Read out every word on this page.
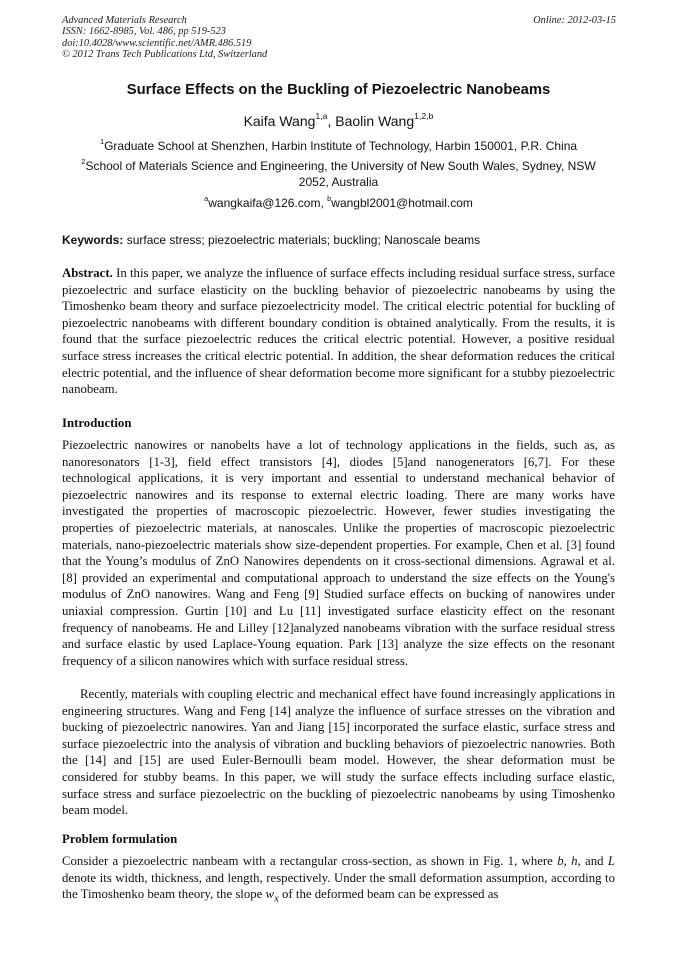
Advanced Materials Research
ISSN: 1662-8985, Vol. 486, pp 519-523
doi:10.4028/www.scientific.net/AMR.486.519
© 2012 Trans Tech Publications Ltd, Switzerland
Online: 2012-03-15
Surface Effects on the Buckling of Piezoelectric Nanobeams
Kaifa Wang$^{1,a}$, Baolin Wang$^{1,2,b}$
$^1$Graduate School at Shenzhen, Harbin Institute of Technology, Harbin 150001, P.R. China
$^2$School of Materials Science and Engineering, the University of New South Wales, Sydney, NSW 2052, Australia
$^a$wangkaifa@126.com, $^b$wangbl2001@hotmail.com
Keywords: surface stress; piezoelectric materials; buckling; Nanoscale beams
Abstract. In this paper, we analyze the influence of surface effects including residual surface stress, surface piezoelectric and surface elasticity on the buckling behavior of piezoelectric nanobeams by using the Timoshenko beam theory and surface piezoelectricity model. The critical electric potential for buckling of piezoelectric nanobeams with different boundary condition is obtained analytically. From the results, it is found that the surface piezoelectric reduces the critical electric potential. However, a positive residual surface stress increases the critical electric potential. In addition, the shear deformation reduces the critical electric potential, and the influence of shear deformation become more significant for a stubby piezoelectric nanobeam.
Introduction
Piezoelectric nanowires or nanobelts have a lot of technology applications in the fields, such as, as nanoresonators [1-3], field effect transistors [4], diodes [5]and nanogenerators [6,7]. For these technological applications, it is very important and essential to understand mechanical behavior of piezoelectric nanowires and its response to external electric loading. There are many works have investigated the properties of macroscopic piezoelectric. However, fewer studies investigating the properties of piezoelectric materials, at nanoscales. Unlike the properties of macroscopic piezoelectric materials, nano-piezoelectric materials show size-dependent properties. For example, Chen et al. [3] found that the Young’s modulus of ZnO Nanowires dependents on it cross-sectional dimensions. Agrawal et al. [8] provided an experimental and computational approach to understand the size effects on the Young's modulus of ZnO nanowires. Wang and Feng [9] Studied surface effects on bucking of nanowires under uniaxial compression. Gurtin [10] and Lu [11] investigated surface elasticity effect on the resonant frequency of nanobeams. He and Lilley [12]analyzed nanobeams vibration with the surface residual stress and surface elastic by used Laplace-Young equation. Park [13] analyze the size effects on the resonant frequency of a silicon nanowires which with surface residual stress.
Recently, materials with coupling electric and mechanical effect have found increasingly applications in engineering structures. Wang and Feng [14] analyze the influence of surface stresses on the vibration and bucking of piezoelectric nanowires. Yan and Jiang [15] incorporated the surface elastic, surface stress and surface piezoelectric into the analysis of vibration and buckling behaviors of piezoelectric nanowries. Both the [14] and [15] are used Euler-Bernoulli beam model. However, the shear deformation must be considered for stubby beams. In this paper, we will study the surface effects including surface elastic, surface stress and surface piezoelectric on the buckling of piezoelectric nanobeams by using Timoshenko beam model.
Problem formulation
Consider a piezoelectric nanbeam with a rectangular cross-section, as shown in Fig. 1, where b, h, and L denote its width, thickness, and length, respectively. Under the small deformation assumption, according to the Timoshenko beam theory, the slope $w_x$ of the deformed beam can be expressed as
